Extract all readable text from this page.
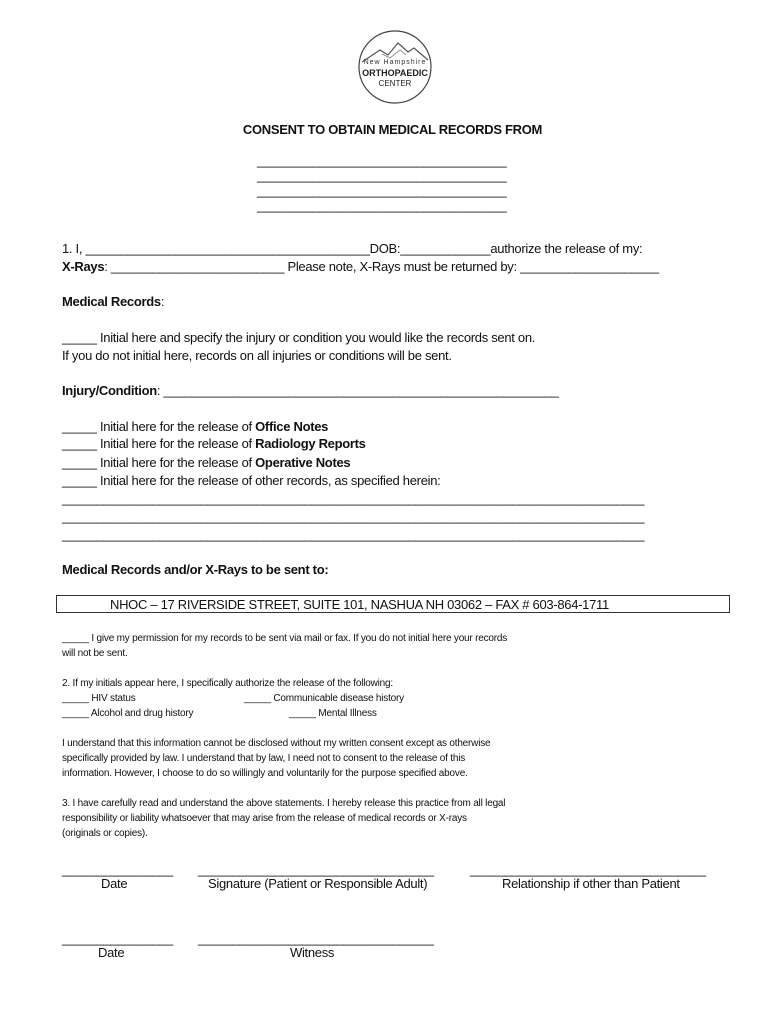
New Hampshire
ORTHOPAEDIC
CENTER
CONSENT TO OBTAIN MEDICAL RECORDS FROM
____________________________________
____________________________________
____________________________________
____________________________________
1. I, _________________________________________DOB:_____________authorize the release of my:
X-Rays: _________________________ Please note, X-Rays must be returned by: ____________________
Medical Records:
_____ Initial here and specify the injury or condition you would like the records sent on.
If you do not initial here, records on all injuries or conditions will be sent.
Injury/Condition: _________________________________________________________
_____ Initial here for the release of Office Notes
_____ Initial here for the release of Radiology Reports
_____ Initial here for the release of Operative Notes
_____ Initial here for the release of other records, as specified herein:
____________________________________________________________________________________
____________________________________________________________________________________
____________________________________________________________________________________
Medical Records and/or X-Rays to be sent to:
NHOC – 17 RIVERSIDE STREET, SUITE 101, NASHUA NH 03062 – FAX # 603-864-1711
_____ I give my permission for my records to be sent via mail or fax. If you do not initial here your records
will not be sent.
2. If my initials appear here, I specifically authorize the release of the following:
_____ HIV status	_____ Communicable disease history
_____ Alcohol and drug history	_____ Mental Illness
I understand that this information cannot be disclosed without my written consent except as otherwise
specifically provided by law. I understand that by law, I need not to consent to the release of this
information. However, I choose to do so willingly and voluntarily for the purpose specified above.
3. I have carefully read and understand the above statements. I hereby release this practice from all legal
responsibility or liability whatsoever that may arise from the release of medical records or X-rays
(originals or copies).
________________ __________________________________	__________________________________
Date	Signature (Patient or Responsible Adult)	Relationship if other than Patient
________________ __________________________________
Date	Witness
